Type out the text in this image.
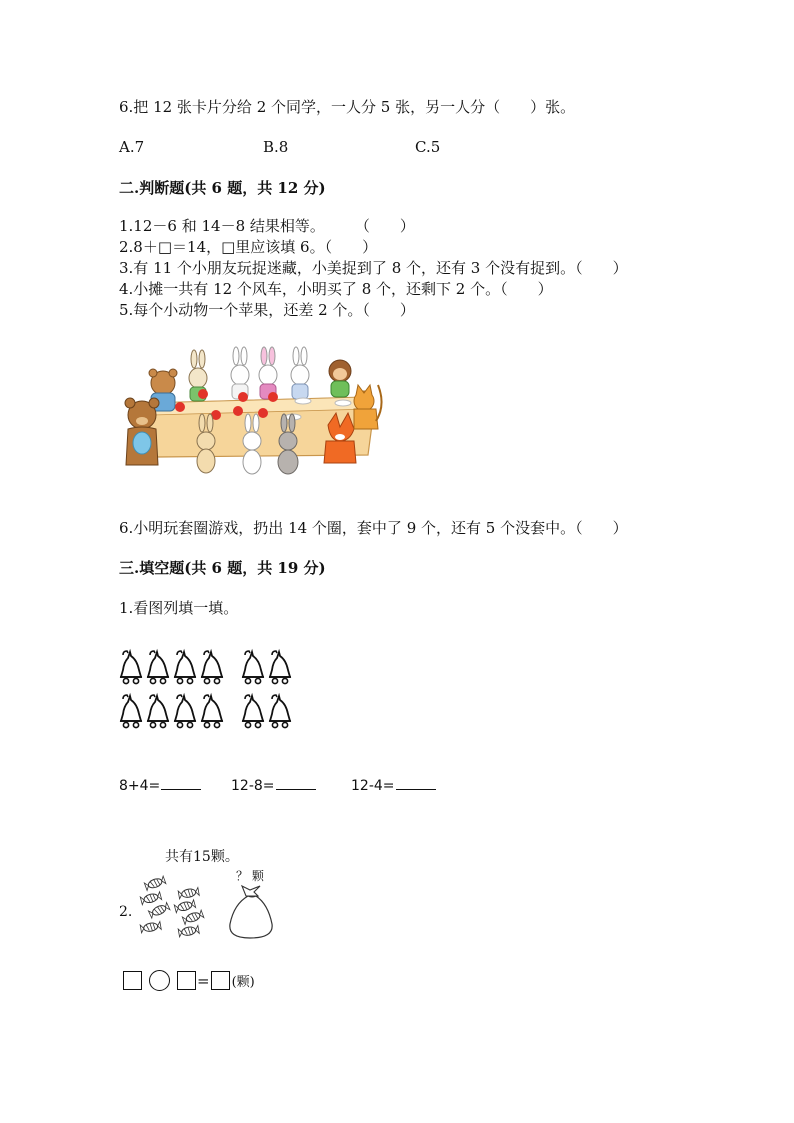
6.把 12 张卡片分给 2 个同学，一人分 5 张，另一人分（　　）张。
A.7	B.8	C.5
二.判断题(共 6 题，共 12 分)
1.12－6 和 14－8 结果相等。　　　（　　）
2.8＋□＝14，□里应该填 6。（　　）
3.有 11 个小朋友玩捉迷藏，小美捉到了 8 个，还有 3 个没有捉到。（　　）
4.小摊一共有 12 个风车，小明买了 8 个，还剩下 2 个。（　　）
5.每个小动物一个苹果，还差 2 个。（　　）
6.小明玩套圈游戏，扔出 14 个圈，套中了 9 个，还有 5 个没套中。（　　）
三.填空题(共 6 题，共 19 分)
1.看图列填一填。
8+4=	12-8=	12-4=
共有15颗。
？ 颗
2.
= (颗)
